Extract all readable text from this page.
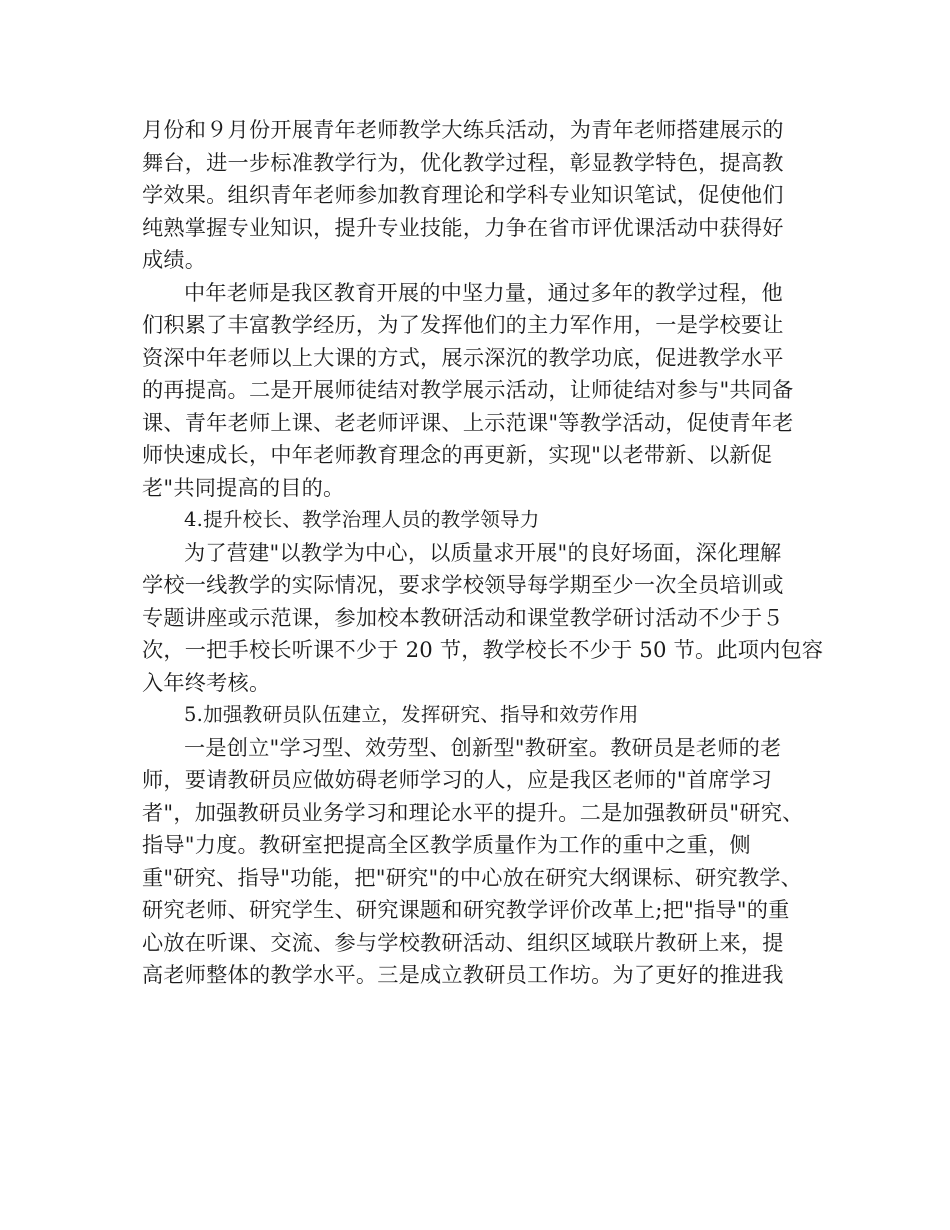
月份和９月份开展青年老师教学大练兵活动，为青年老师搭建展示的
舞台，进一步标准教学行为，优化教学过程，彰显教学特色，提高教
学效果。组织青年老师参加教育理论和学科专业知识笔试，促使他们
纯熟掌握专业知识，提升专业技能，力争在省市评优课活动中获得好
成绩。
中年老师是我区教育开展的中坚力量，通过多年的教学过程，他
们积累了丰富教学经历，为了发挥他们的主力军作用，一是学校要让
资深中年老师以上大课的方式，展示深沉的教学功底，促进教学水平
的再提高。二是开展师徒结对教学展示活动，让师徒结对参与"共同备
课、青年老师上课、老老师评课、上示范课"等教学活动，促使青年老
师快速成长，中年老师教育理念的再更新，实现"以老带新、以新促
老"共同提高的目的。
4.提升校长、教学治理人员的教学领导力
为了营建"以教学为中心，以质量求开展"的良好场面，深化理解
学校一线教学的实际情况，要求学校领导每学期至少一次全员培训或
专题讲座或示范课，参加校本教研活动和课堂教学研讨活动不少于５
次，一把手校长听课不少于 20 节，教学校长不少于 50 节。此项内包容
入年终考核。
5.加强教研员队伍建立，发挥研究、指导和效劳作用
一是创立"学习型、效劳型、创新型"教研室。教研员是老师的老
师，要请教研员应做妨碍老师学习的人，应是我区老师的"首席学习
者"，加强教研员业务学习和理论水平的提升。二是加强教研员"研究、
指导"力度。教研室把提高全区教学质量作为工作的重中之重，侧
重"研究、指导"功能，把"研究"的中心放在研究大纲课标、研究教学、
研究老师、研究学生、研究课题和研究教学评价改革上;把"指导"的重
心放在听课、交流、参与学校教研活动、组织区域联片教研上来，提
高老师整体的教学水平。三是成立教研员工作坊。为了更好的推进我
